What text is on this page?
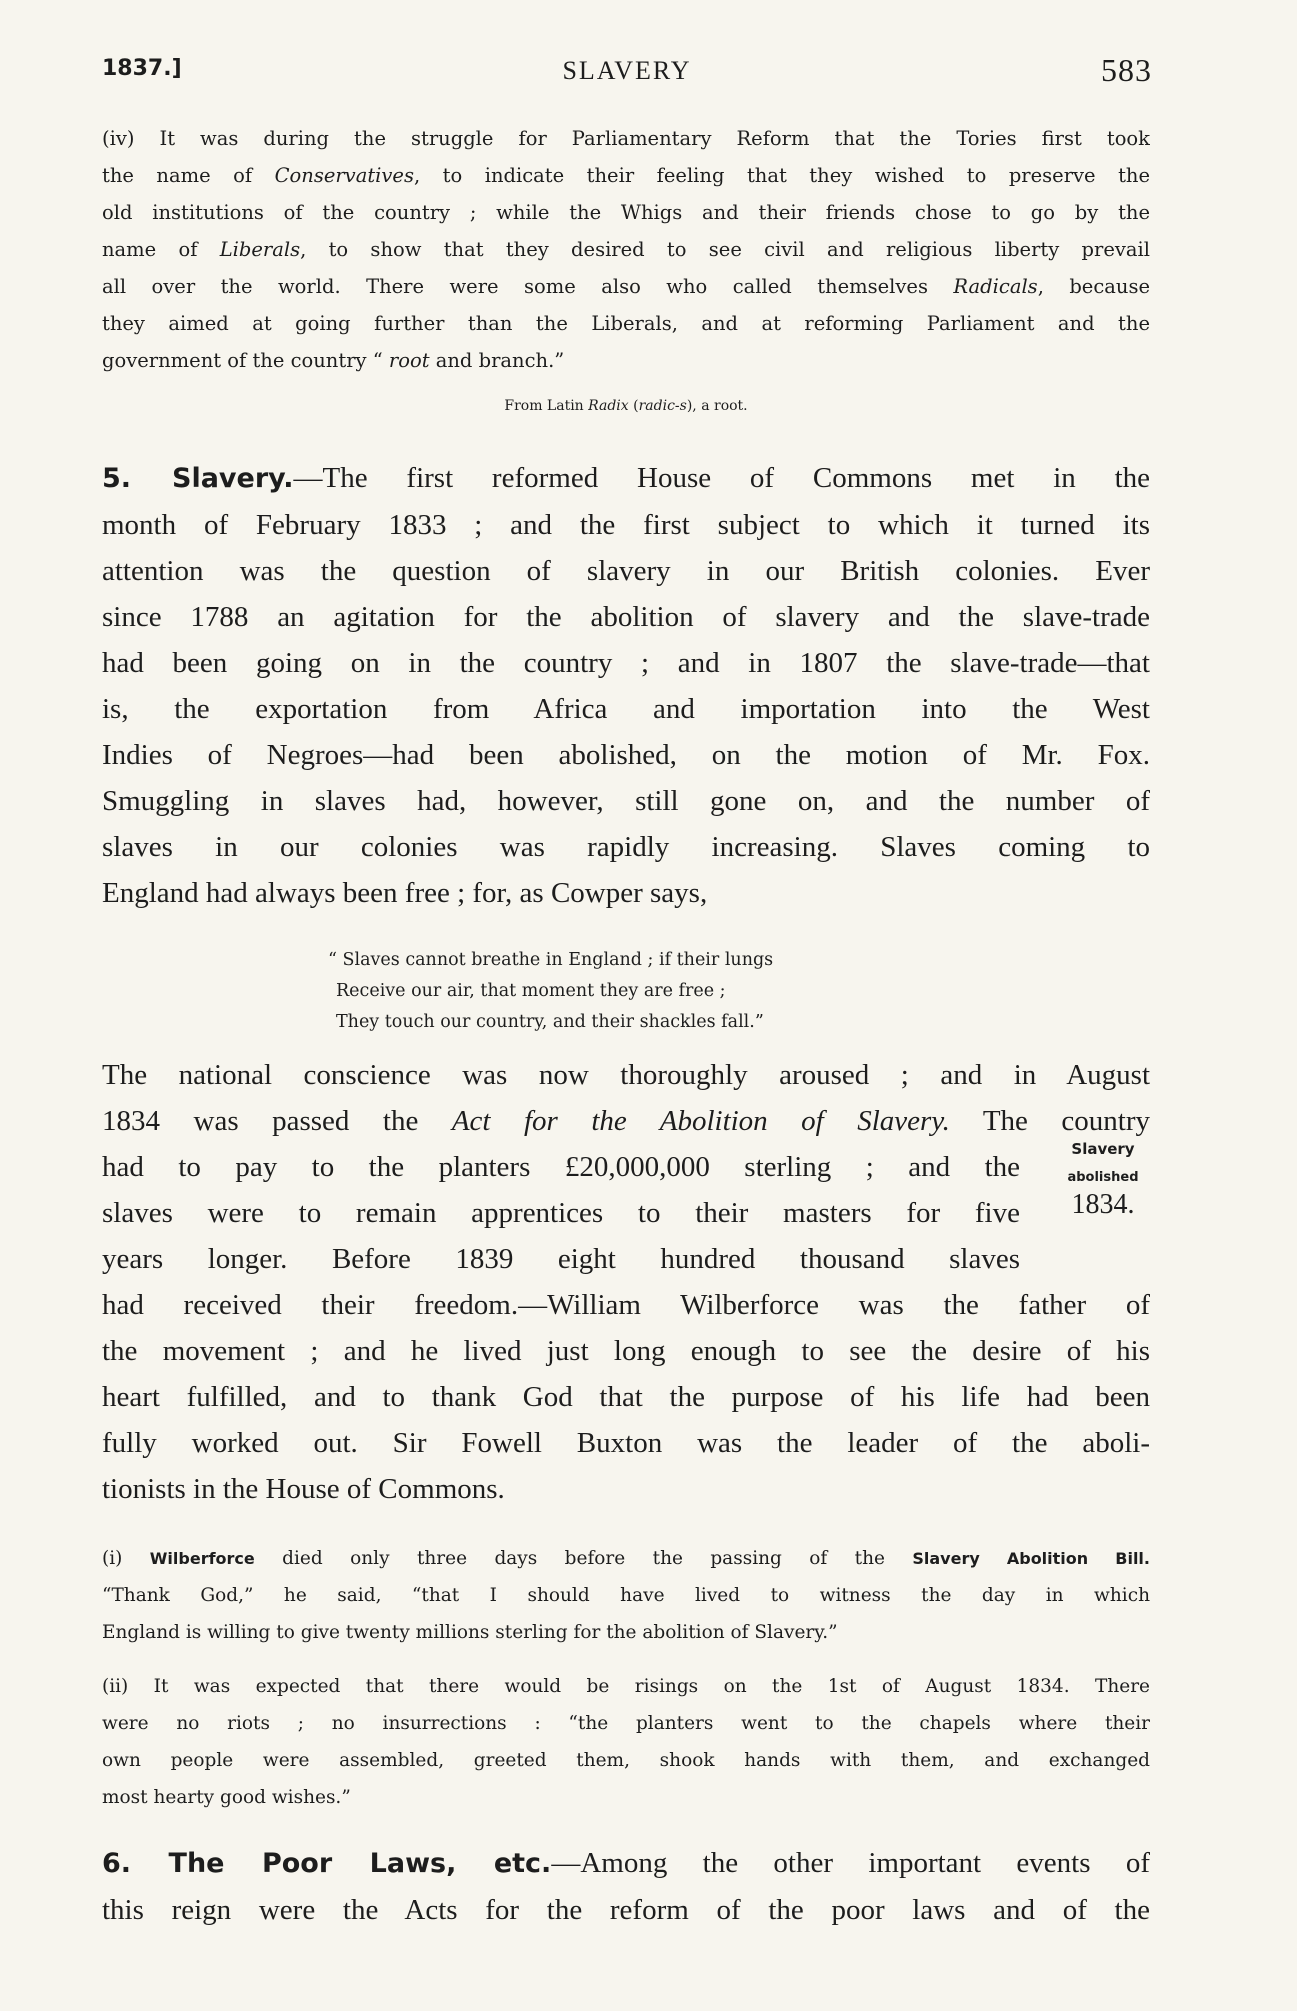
1837.]	SLAVERY	583
(iv) It was during the struggle for Parliamentary Reform that the Tories first took
the name of Conservatives, to indicate their feeling that they wished to preserve the
old institutions of the country ; while the Whigs and their friends chose to go by the
name of Liberals, to show that they desired to see civil and religious liberty prevail
all over the world. There were some also who called themselves Radicals, because
they aimed at going further than the Liberals, and at reforming Parliament and the
government of the country “ root and branch.”
From Latin Radix (radic-s), a root.
5. Slavery.—The first reformed House of Commons met in the
month of February 1833 ; and the first subject to which it turned its
attention was the question of slavery in our British colonies. Ever
since 1788 an agitation for the abolition of slavery and the slave-trade
had been going on in the country ; and in 1807 the slave-trade—that
is, the exportation from Africa and importation into the West
Indies of Negroes—had been abolished, on the motion of Mr. Fox.
Smuggling in slaves had, however, still gone on, and the number of
slaves in our colonies was rapidly increasing. Slaves coming to
England had always been free ; for, as Cowper says,
“ Slaves cannot breathe in England ; if their lungs
Receive our air, that moment they are free ;
They touch our country, and their shackles fall.”
The national conscience was now thoroughly aroused ; and in August
1834 was passed the Act for the Abolition of Slavery. The country
had to pay to the planters £20,000,000 sterling ; and the
slaves were to remain apprentices to their masters for five
years longer. Before 1839 eight hundred thousand slaves
had received their freedom.—William Wilberforce was the father of
the movement ; and he lived just long enough to see the desire of his
heart fulfilled, and to thank God that the purpose of his life had been
fully worked out. Sir Fowell Buxton was the leader of the aboli-
tionists in the House of Commons.
Slavery
abolished
1834.
(i) Wilberforce died only three days before the passing of the Slavery Abolition Bill.
“Thank God,” he said, “that I should have lived to witness the day in which
England is willing to give twenty millions sterling for the abolition of Slavery.”
(ii) It was expected that there would be risings on the 1st of August 1834. There
were no riots ; no insurrections : “the planters went to the chapels where their
own people were assembled, greeted them, shook hands with them, and exchanged
most hearty good wishes.”
6. The Poor Laws, etc.—Among the other important events of
this reign were the Acts for the reform of the poor laws and of the
